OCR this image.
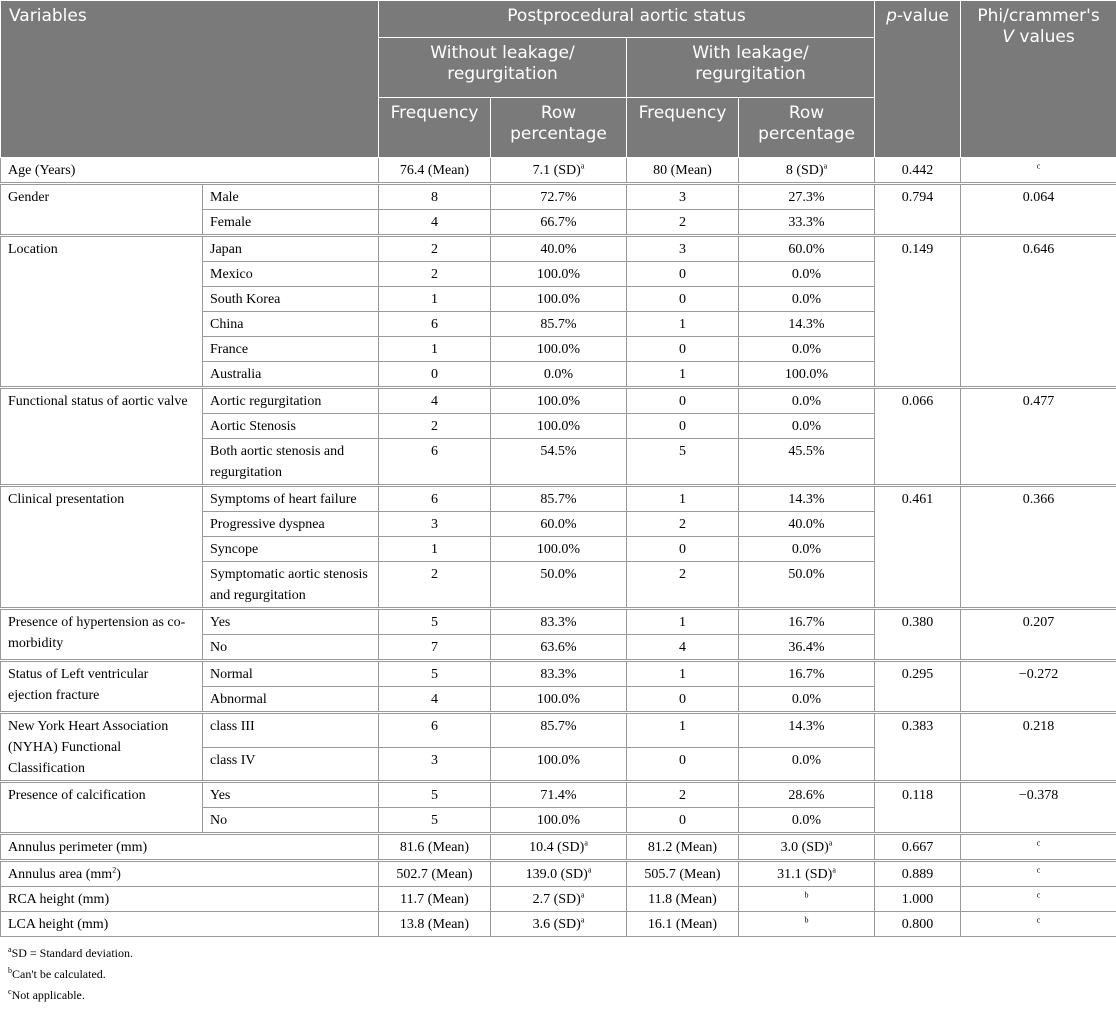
Variables		Postprocedural aortic status				p-value	Phi/crammer's
V values
		Without leakage/ regurgitation		With leakage/ regurgitation			
		Frequency	Row percentage	Frequency	Row percentage		
Age (Years)		76.4 (Mean)	7.1 (SD)$^a$	80 (Mean)	8 (SD)$^a$	0.442	$^c$
Gender	Male	8	72.7%	3	27.3%	0.794	0.064
	Female	4	66.7%	2	33.3%		
Location	Japan	2	40.0%	3	60.0%	0.149	0.646
	Mexico	2	100.0%	0	0.0%		
	South Korea	1	100.0%	0	0.0%		
	China	6	85.7%	1	14.3%		
	France	1	100.0%	0	0.0%		
	Australia	0	0.0%	1	100.0%		
Functional status of aortic valve	Aortic regurgitation	4	100.0%	0	0.0%	0.066	0.477
	Aortic Stenosis	2	100.0%	0	0.0%		
	Both aortic stenosis and regurgitation	6	54.5%	5	45.5%		
Clinical presentation	Symptoms of heart failure	6	85.7%	1	14.3%	0.461	0.366
	Progressive dyspnea	3	60.0%	2	40.0%		
	Syncope	1	100.0%	0	0.0%		
	Symptomatic aortic stenosis and regurgitation	2	50.0%	2	50.0%		
Presence of hypertension as co-morbidity	Yes	5	83.3%	1	16.7%	0.380	0.207
	No	7	63.6%	4	36.4%		
Status of Left ventricular ejection fracture	Normal	5	83.3%	1	16.7%	0.295	−0.272
	Abnormal	4	100.0%	0	0.0%		
New York Heart Association (NYHA) Functional Classification	class III	6	85.7%	1	14.3%	0.383	0.218
	class IV	3	100.0%	0	0.0%		
Presence of calcification	Yes	5	71.4%	2	28.6%	0.118	−0.378
	No	5	100.0%	0	0.0%		
Annulus perimeter (mm)		81.6 (Mean)	10.4 (SD)$^a$	81.2 (Mean)	3.0 (SD)$^a$	0.667	$^c$
Annulus area $(mm^2)$		502.7 (Mean)	139.0 (SD)$^a$	505.7 (Mean)	31.1 (SD)$^a$	0.889	$^c$
RCA height (mm)		11.7 (Mean)	2.7 (SD)$^a$	11.8 (Mean)	$^b$	1.000	$^c$
LCA height (mm)		13.8 (Mean)	3.6 (SD)$^a$	16.1 (Mean)	$^b$	0.800	$^c$
$^a$SD = Standard deviation.
$^b$Can't be calculated.
$^c$Not applicable.
